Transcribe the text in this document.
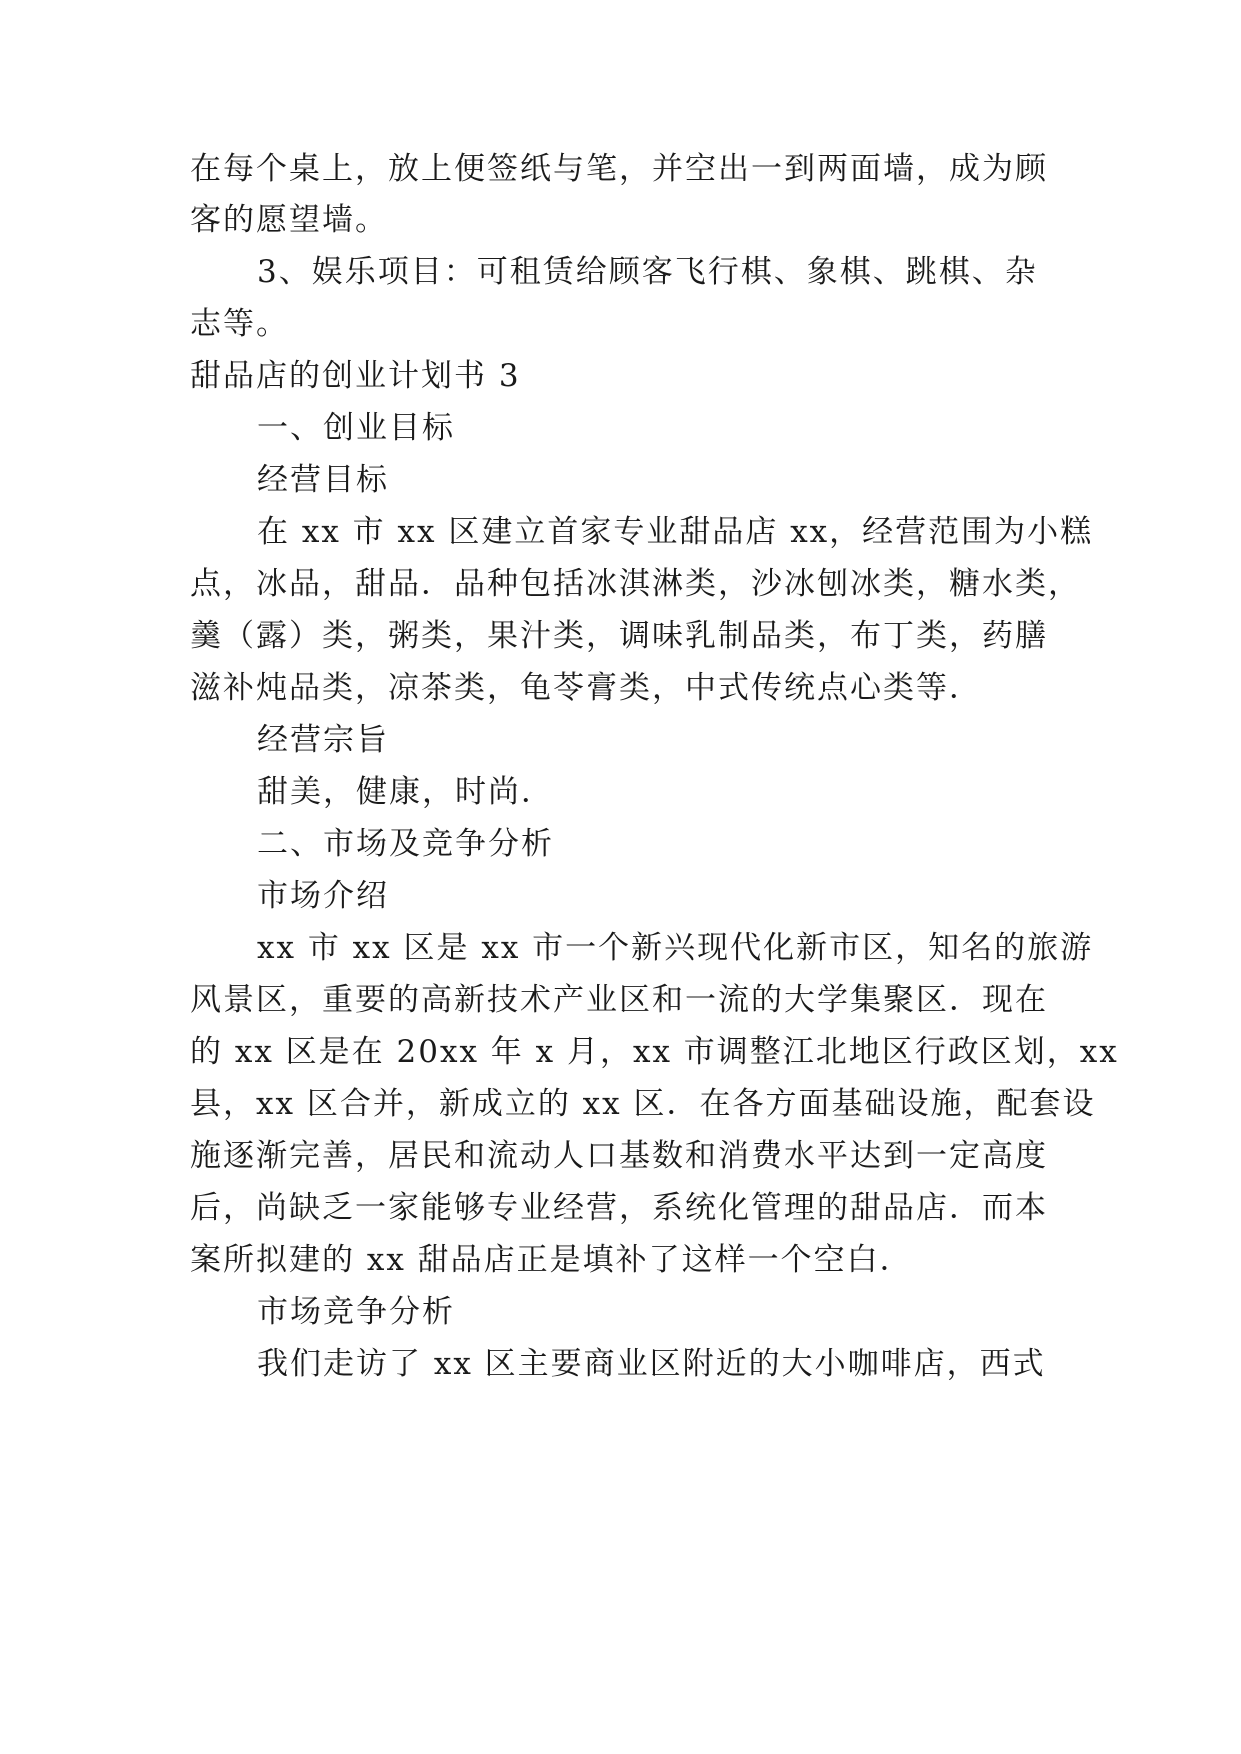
在每个桌上，放上便签纸与笔，并空出一到两面墙，成为顾
客的愿望墙。
3、娱乐项目：可租赁给顾客飞行棋、象棋、跳棋、杂
志等。
甜品店的创业计划书 3
一、创业目标
经营目标
在 xx 市 xx 区建立首家专业甜品店 xx，经营范围为小糕
点，冰品，甜品．品种包括冰淇淋类，沙冰刨冰类，糖水类，
羹（露）类，粥类，果汁类，调味乳制品类，布丁类，药膳
滋补炖品类，凉茶类，龟苓膏类，中式传统点心类等．
经营宗旨
甜美，健康，时尚．
二、市场及竞争分析
市场介绍
xx 市 xx 区是 xx 市一个新兴现代化新市区，知名的旅游
风景区，重要的高新技术产业区和一流的大学集聚区．现在
的 xx 区是在 20xx 年 x 月，xx 市调整江北地区行政区划，xx
县，xx 区合并，新成立的 xx 区．在各方面基础设施，配套设
施逐渐完善，居民和流动人口基数和消费水平达到一定高度
后，尚缺乏一家能够专业经营，系统化管理的甜品店．而本
案所拟建的 xx 甜品店正是填补了这样一个空白．
市场竞争分析
我们走访了 xx 区主要商业区附近的大小咖啡店，西式
